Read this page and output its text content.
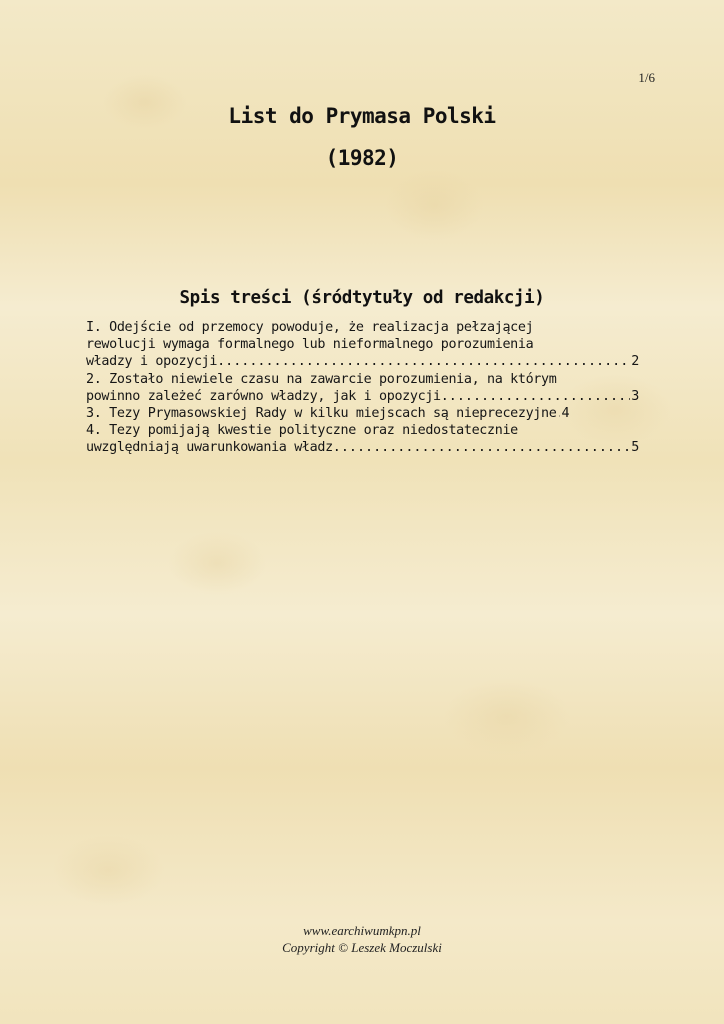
1/6
List do Prymasa Polski
(1982)
Spis treści (śródtytuły od redakcji)
I. Odejście od przemocy powoduje, że realizacja pełzającej
rewolucji wymaga formalnego lub nieformalnego porozumienia
władzy i opozycji .....	2
2. Zostało niewiele czasu na zawarcie porozumienia, na którym
powinno zależeć zarówno władzy, jak i opozycji .....	3
3. Tezy Prymasowskiej Rady w kilku miejscach są nieprecezyjne ..... 4
4. Tezy pomijają kwestie polityczne oraz niedostatecznie
uwzględniają uwarunkowania władz .....	5
www.earchiwumkpn.pl
Copyright © Leszek Moczulski
